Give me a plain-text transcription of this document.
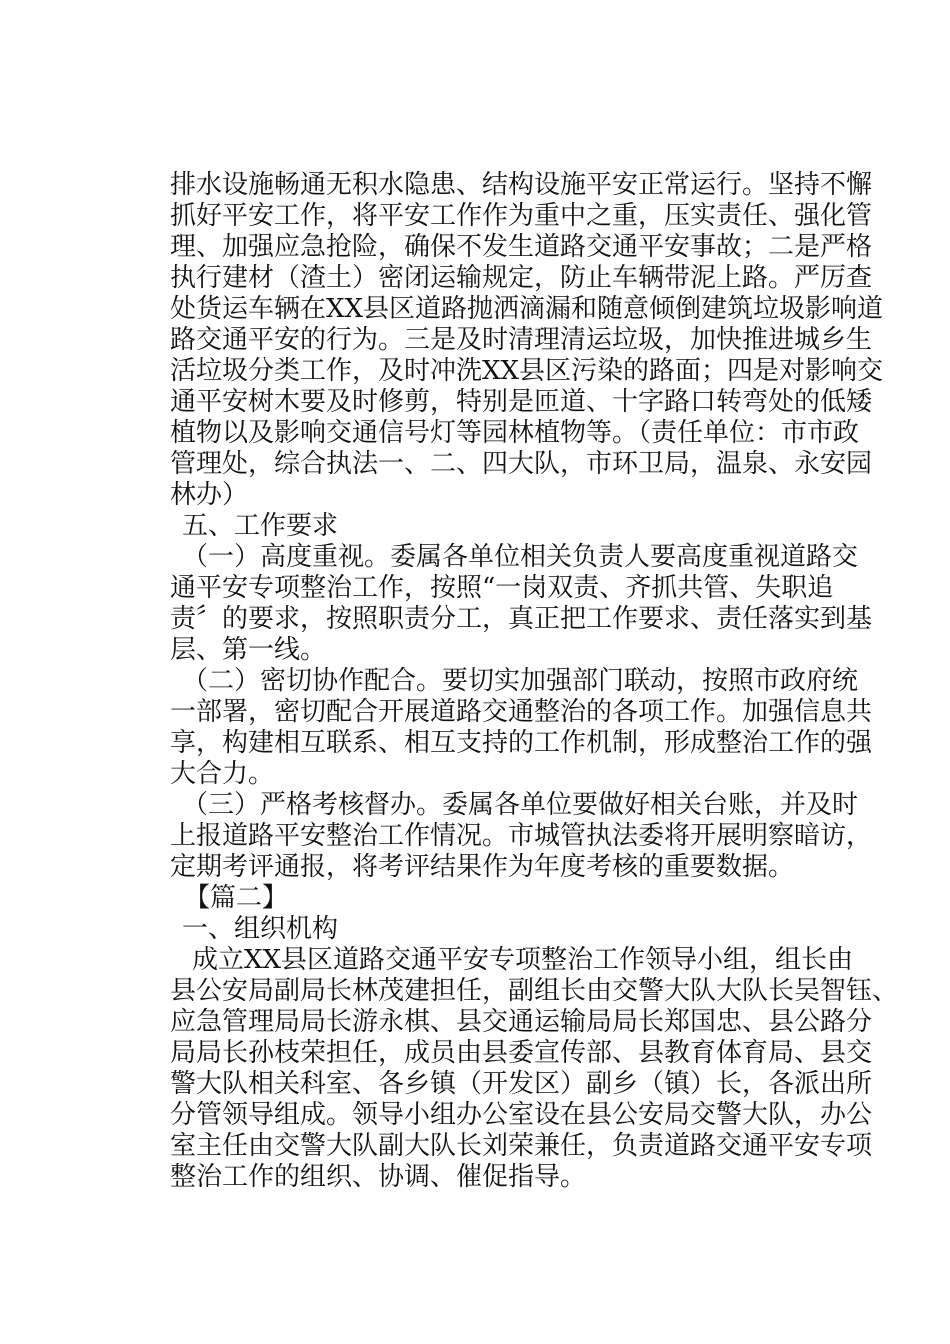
排水设施畅通无积水隐患、结构设施平安正常运行。坚持不懈
抓好平安工作，将平安工作作为重中之重，压实责任、强化管
理、加强应急抢险，确保不发生道路交通平安事故；二是严格
执行建材（渣土）密闭运输规定，防止车辆带泥上路。严厉查
处货运车辆在XX县区道路抛洒滴漏和随意倾倒建筑垃圾影响道
路交通平安的行为。三是及时清理清运垃圾，加快推进城乡生
活垃圾分类工作，及时冲洗XX县区污染的路面；四是对影响交
通平安树木要及时修剪，特别是匝道、十字路口转弯处的低矮
植物以及影响交通信号灯等园林植物等。（责任单位：市市政
管理处，综合执法一、二、四大队，市环卫局，温泉、永安园
林办）
五、工作要求
（一）高度重视。委属各单位相关负责人要高度重视道路交
通平安专项整治工作，按照“一岗双责、齐抓共管、失职追
责〞的要求，按照职责分工，真正把工作要求、责任落实到基
层、第一线。
（二）密切协作配合。要切实加强部门联动，按照市政府统
一部署，密切配合开展道路交通整治的各项工作。加强信息共
享，构建相互联系、相互支持的工作机制，形成整治工作的强
大合力。
（三）严格考核督办。委属各单位要做好相关台账，并及时
上报道路平安整治工作情况。市城管执法委将开展明察暗访，
定期考评通报，将考评结果作为年度考核的重要数据。
【篇二】
一、组织机构
成立XX县区道路交通平安专项整治工作领导小组，组长由
县公安局副局长林茂建担任，副组长由交警大队大队长吴智钰、
应急管理局局长游永棋、县交通运输局局长郑国忠、县公路分
局局长孙枝荣担任，成员由县委宣传部、县教育体育局、县交
警大队相关科室、各乡镇（开发区）副乡（镇）长，各派出所
分管领导组成。领导小组办公室设在县公安局交警大队，办公
室主任由交警大队副大队长刘荣兼任，负责道路交通平安专项
整治工作的组织、协调、催促指导。
